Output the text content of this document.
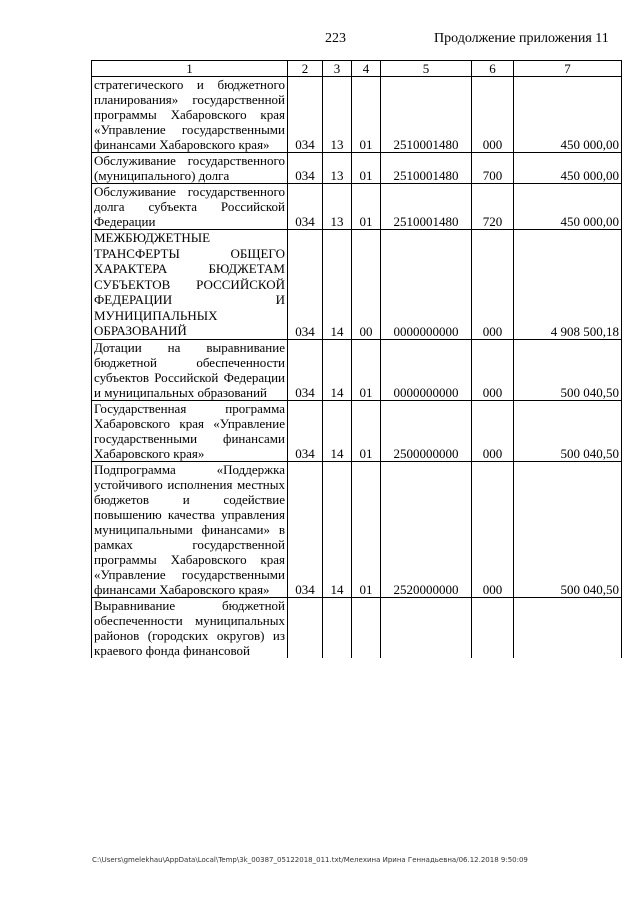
223	Продолжение приложения 11
1	2	3	4	5	6	7
стратегического и бюджетного планирования» государственной программы Хабаровского края «Управление государственными финансами Хабаровского края»	034	13	01	2510001480	000	450 000,00
Обслуживание государственного (муниципального) долга	034	13	01	2510001480	700	450 000,00
Обслуживание государственного долга субъекта Российской Федерации	034	13	01	2510001480	720	450 000,00
МЕЖБЮДЖЕТНЫЕ ТРАНСФЕРТЫ ОБЩЕГО ХАРАКТЕРА БЮДЖЕТАМ СУБЪЕКТОВ РОССИЙСКОЙ ФЕДЕРАЦИИ И МУНИЦИПАЛЬНЫХ ОБРАЗОВАНИЙ	034	14	00	0000000000	000	4 908 500,18
Дотации на выравнивание бюджетной обеспеченности субъектов Российской Федерации и муниципальных образований	034	14	01	0000000000	000	500 040,50
Государственная программа Хабаровского края «Управление государственными финансами Хабаровского края»	034	14	01	2500000000	000	500 040,50
Подпрограмма «Поддержка устойчивого исполнения местных бюджетов и содействие повышению качества управления муниципальными финансами» в рамках государственной программы Хабаровского края «Управление государственными финансами Хабаровского края»	034	14	01	2520000000	000	500 040,50
Выравнивание бюджетной обеспеченности муниципальных районов (городских округов) из краевого фонда финансовой						
C:\Users\gmelekhau\AppData\Local\Temp\3k_00387_05122018_011.txt/Мелехина Ирина Геннадьевна/06.12.2018 9:50:09
